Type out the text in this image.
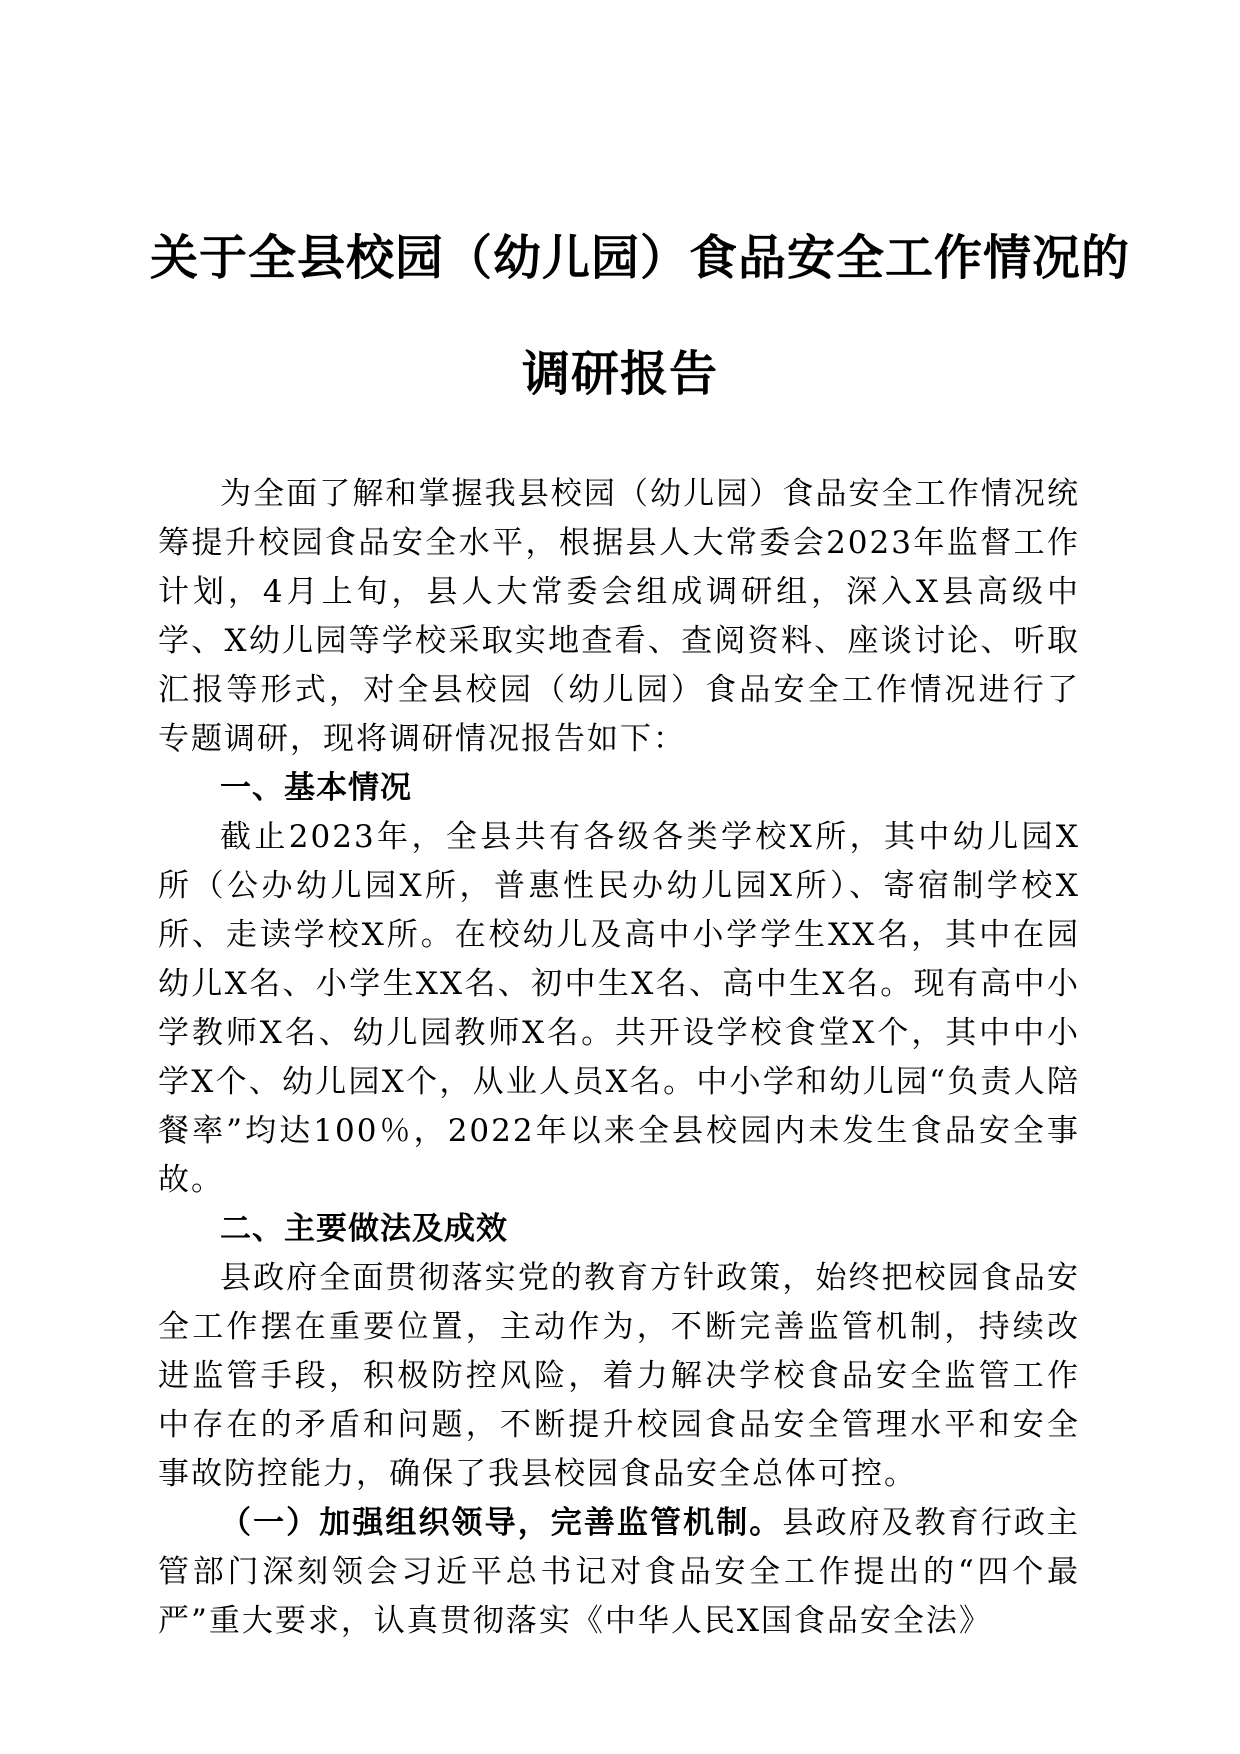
关于全县校园（幼儿园）食品安全工作情况的
调研报告

为全面了解和掌握我县校园（幼儿园）食品安全工作情况统筹提升校园食品安全水平，根据县人大常委会2023年监督工作计划，4月上旬，县人大常委会组成调研组，深入X县高级中学、X幼儿园等学校采取实地查看、查阅资料、座谈讨论、听取汇报等形式，对全县校园（幼儿园）食品安全工作情况进行了专题调研，现将调研情况报告如下：

一、基本情况

截止2023年，全县共有各级各类学校X所，其中幼儿园X所（公办幼儿园X所，普惠性民办幼儿园X所）、寄宿制学校X所、走读学校X所。在校幼儿及高中小学学生XX名，其中在园幼儿X名、小学生XX名、初中生X名、高中生X名。现有高中小学教师X名、幼儿园教师X名。共开设学校食堂X个，其中中小学X个、幼儿园X个，从业人员X名。中小学和幼儿园“负责人陪餐率”均达100％，2022年以来全县校园内未发生食品安全事故。

二、主要做法及成效

县政府全面贯彻落实党的教育方针政策，始终把校园食品安全工作摆在重要位置，主动作为，不断完善监管机制，持续改进监管手段，积极防控风险，着力解决学校食品安全监管工作中存在的矛盾和问题，不断提升校园食品安全管理水平和安全事故防控能力，确保了我县校园食品安全总体可控。

（一）加强组织领导，完善监管机制。县政府及教育行政主管部门深刻领会习近平总书记对食品安全工作提出的“四个最严”重大要求，认真贯彻落实《中华人民X国食品安全法》
